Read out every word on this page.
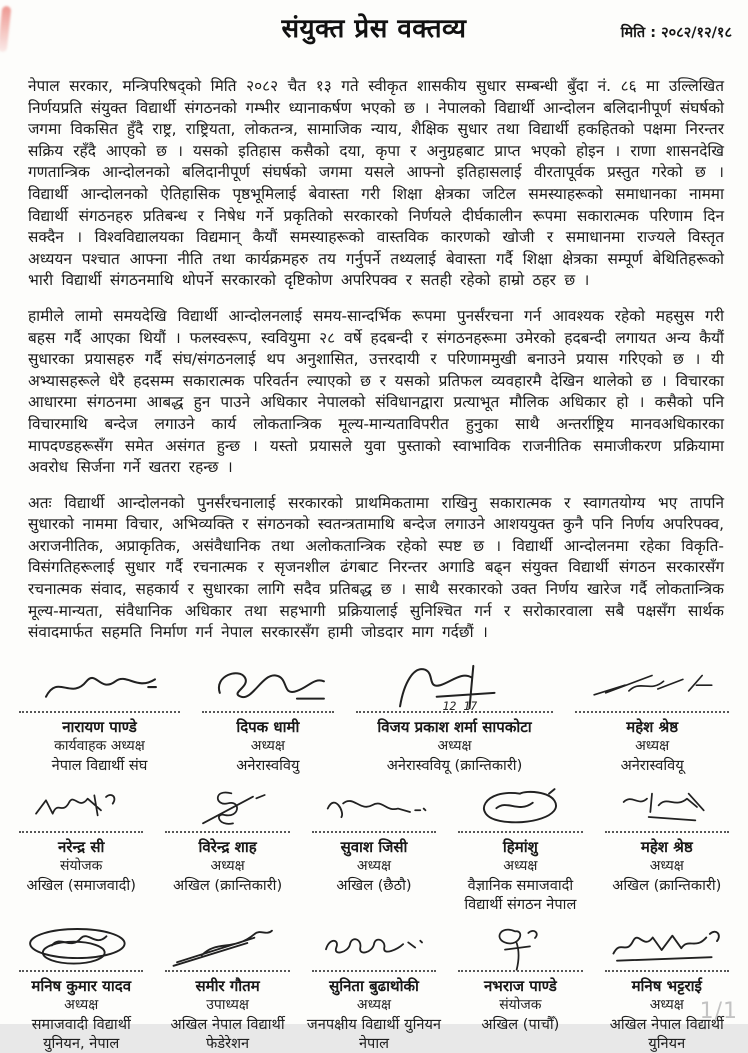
संयुक्त प्रेस वक्तव्य	मिति : २०८२/१२/१८

नेपाल सरकार, मन्त्रिपरिषद्को मिति २०८२ चैत १३ गते स्वीकृत शासकीय सुधार सम्बन्धी बुँदा नं. ८६ मा उल्लिखित निर्णयप्रति संयुक्त विद्यार्थी संगठनको गम्भीर ध्यानाकर्षण भएको छ । नेपालको विद्यार्थी आन्दोलन बलिदानीपूर्ण संघर्षको जगमा विकसित हुँदै राष्ट्र, राष्ट्रियता, लोकतन्त्र, सामाजिक न्याय, शैक्षिक सुधार तथा विद्यार्थी हकहितको पक्षमा निरन्तर सक्रिय रहँदै आएको छ । यसको इतिहास कसैको दया, कृपा र अनुग्रहबाट प्राप्त भएको होइन । राणा शासनदेखि गणतान्त्रिक आन्दोलनको बलिदानीपूर्ण संघर्षको जगमा यसले आफ्नो इतिहासलाई वीरतापूर्वक प्रस्तुत गरेको छ । विद्यार्थी आन्दोलनको ऐतिहासिक पृष्ठभूमिलाई बेवास्ता गरी शिक्षा क्षेत्रका जटिल समस्याहरूको समाधानका नाममा विद्यार्थी संगठनहरु प्रतिबन्ध र निषेध गर्ने प्रकृतिको सरकारको निर्णयले दीर्घकालीन रूपमा सकारात्मक परिणाम दिन सक्दैन । विश्वविद्यालयका विद्यमान् कैयौं समस्याहरूको वास्तविक कारणको खोजी र समाधानमा राज्यले विस्तृत अध्ययन पश्चात आफ्ना नीति तथा कार्यक्रमहरु तय गर्नुपर्ने तथ्यलाई बेवास्ता गर्दै शिक्षा क्षेत्रका सम्पूर्ण बेथितिहरूको भारी विद्यार्थी संगठनमाथि थोपर्ने सरकारको दृष्टिकोण अपरिपक्व र सतही रहेको हाम्रो ठहर छ ।

हामीले लामो समयदेखि विद्यार्थी आन्दोलनलाई समय-सान्दर्भिक रूपमा पुनर्संरचना गर्न आवश्यक रहेको महसुस गरी बहस गर्दै आएका थियौं । फलस्वरूप, स्ववियुमा २८ वर्षे हदबन्दी र संगठनहरूमा उमेरको हदबन्दी लगायत अन्य कैयौं सुधारका प्रयासहरु गर्दै संघ/संगठनलाई थप अनुशासित, उत्तरदायी र परिणाममुखी बनाउने प्रयास गरिएको छ । यी अभ्यासहरूले धेरै हदसम्म सकारात्मक परिवर्तन ल्याएको छ र यसको प्रतिफल व्यवहारमै देखिन थालेको छ । विचारका आधारमा संगठनमा आबद्ध हुन पाउने अधिकार नेपालको संविधानद्वारा प्रत्याभूत मौलिक अधिकार हो । कसैको पनि विचारमाथि बन्देज लगाउने कार्य लोकतान्त्रिक मूल्य-मान्यताविपरीत हुनुका साथै अन्तर्राष्ट्रिय मानवअधिकारका मापदण्डहरूसँग समेत असंगत हुन्छ । यस्तो प्रयासले युवा पुस्ताको स्वाभाविक राजनीतिक समाजीकरण प्रक्रियामा अवरोध सिर्जना गर्ने खतरा रहन्छ ।

अतः विद्यार्थी आन्दोलनको पुनर्संरचनालाई सरकारको प्राथमिकतामा राखिनु सकारात्मक र स्वागतयोग्य भए तापनि सुधारको नाममा विचार, अभिव्यक्ति र संगठनको स्वतन्त्रतामाथि बन्देज लगाउने आशययुक्त कुनै पनि निर्णय अपरिपक्व, अराजनीतिक, अप्राकृतिक, असंवैधानिक तथा अलोकतान्त्रिक रहेको स्पष्ट छ । विद्यार्थी आन्दोलनमा रहेका विकृति-विसंगतिहरूलाई सुधार गर्दै रचनात्मक र सृजनशील ढंगबाट निरन्तर अगाडि बढ्न संयुक्त विद्यार्थी संगठन सरकारसँग रचनात्मक संवाद, सहकार्य र सुधारका लागि सदैव प्रतिबद्ध छ । साथै सरकारको उक्त निर्णय खारेज गर्दै लोकतान्त्रिक मूल्य-मान्यता, संवैधानिक अधिकार तथा सहभागी प्रक्रियालाई सुनिश्चित गर्न र सरोकारवाला सबै पक्षसँग सार्थक संवादमार्फत सहमति निर्माण गर्न नेपाल सरकारसँग हामी जोडदार माग गर्दछौं ।

नारायण पाण्डे
कार्यवाहक अध्यक्ष
नेपाल विद्यार्थी संघ
दिपक धामी
अध्यक्ष
अनेरास्ववियु
12 17
विजय प्रकाश शर्मा सापकोटा
अध्यक्ष
अनेरास्ववियू (क्रान्तिकारी)
महेश श्रेष्ठ
अध्यक्ष
अनेरास्ववियू
नरेन्द्र सी
संयोजक
अखिल (समाजवादी)
विरेन्द्र शाह
अध्यक्ष
अखिल (क्रान्तिकारी)
सुवाश जिसी
अध्यक्ष
अखिल (छैठौ)
हिमांशु
अध्यक्ष
वैज्ञानिक समाजवादी विद्यार्थी संगठन नेपाल
महेश श्रेष्ठ
अध्यक्ष
अखिल (क्रान्तिकारी)
मनिष कुमार यादव
अध्यक्ष
समाजवादी विद्यार्थी युनियन, नेपाल
समीर गौतम
उपाध्यक्ष
अखिल नेपाल विद्यार्थी फेडेरेशन
सुनिता बुढाथोकी
अध्यक्ष
जनपक्षीय विद्यार्थी युनियन नेपाल
नभराज पाण्डे
संयोजक
अखिल (पाचौँ)
मनिष भट्टराई
अध्यक्ष
अखिल नेपाल विद्यार्थी युनियन
1/1
